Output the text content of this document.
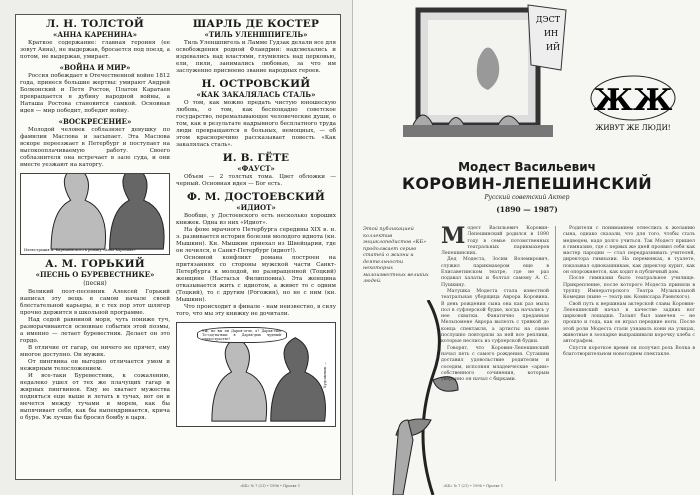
Л. Н. ТОЛСТОЙ
«АННА КАРЕНИНА»

Краткое содержание: главная героиня (ее зовут Анна), не выдержав, бросается под поезд, а потом, не выдержав, умирает.

«ВОЙНА И МИР»

Россия побеждает в Отечественной войне 1812 года, принеся большие жертвы: умирают Андрей Болконский и Петя Ростов, Платон Каратаев превращается в дубину народной войны, а Наташа Ростова становится самкой. Основная идея — мир победит, победит войну.

«ВОСКРЕСЕНИЕ»

Молодой человек соблазняет девушку по фамилии Маслова и засыпает. Эта Маслова вскоре переезжает в Петербург и поступает на высокооплачиваемую работу. Своего соблазнителя она встречает в зале суда, и они вместе уезжают на каторгу.

Иллюстрация А. Бирюшенского к роману «Анна Каренина»
А. М. ГОРЬКИЙ
«ПЕСНЬ О БУРЕВЕСТНИКЕ»
(песня)

Великий поэт-песенник Алексей Горький написал эту вещь в самом начале своей блестательной карьеры, и с тех пор этот шлягер прочно держится в школьной программе.

Над седой равниной моря, чуть пониже туч, разворачиваются основные события этой поэмы, а именно — летает буревестник. Делает он это гордо.

В отличие от гагар, он ничего не прячет, ему многое доступно. Он мужик.

От пингвина он выгодно отличается умом и нежирным телосложением.

И все-таки Буревестник, к сожалению, недалеко ушел от тех же плачущих гагар и жирных пингвинов. Ему не хватает мужества подняться еще выше и летать в тучах, вот он и мечется между тучами и морем, как бы выпячивает себя, как бы выпендривается, крича о буре. Уж лучше бы бросил бомбу в царя.

ШАРЛЬ ДЕ КОСТЕР
«ТИЛЬ УЛЕНШПИГЕЛЬ»

Тиль Уленшпигель и Ламме Гудзак делали все для освобождения родной Фландрии: надсмехались и издевались над властями, глумились над церковью, ели, пили, занимались любовью, за что им заслуженно присвоено звание народных героев.

Н. ОСТРОВСКИЙ
«КАК ЗАКАЛЯЛАСЬ СТАЛЬ»

О том, как можно предать чистую юношескую любовь, о том, как беспощадно советское государство, перемалывающее человеческие души, о том, как в результате надрывного бесплатного труда люди превращаются в больных, немощных, — об этом красноречиво рассказывает повесть «Как закалялась сталь».

И. В. ГЁТЕ
«ФАУСТ»

Объем — 2 толстых тома. Цвет обложки — черный. Основная идея — Бог есть.

Ф. М. ДОСТОЕВСКИЙ
«ИДИОТ»

Вообще, у Достоевского есть несколько хороших книжек. Одна из них «Идиот».

На фоне мрачного Петербурга середины XIX в. н. э. развивается история болезни молодого идиота (кн. Мышкин). Кн. Мышкин приехал из Швейцарии, где он лечился, в Санкт-Петербург (идиот!).

Основной конфликт романа построен на притязаниях со стороны мужской части Санкт-Петербурга к молодой, но развращенной (Тоцкий) женщине (Настасья Филипповна). Эта женщина отказывается жить с идиотом, а живет то с одним (Тоцкий), то с другим (Рогожин), но не с ним (кн. Мышкин).

Что происходит в финале - нам неизвестно, в силу того, что мы эту книжку не дочитали.

Уж, не вы ли Дарья-отче, а? Дарья-сын. То-сад-ва-ваш в Дарья-дых чудный-сладострастье!
Художник ...
«КБ» № 7 (21) • 1996 • Проект 1
ДЭСТ
ИН
ИЙ
ЖЖ
ЖИВУТ ЖЕ ЛЮДИ!
Модест Васильевич
КОРОВИН-ЛЕПЕШИНСКИЙ
Русский советский Актер
(1890 — 1987)
Этой публикацией коллектив энциклопедистов «КБ» продолжает серию статей о жизни и деятельности некоторых малоизвестных великих людей.
М одест Васильевич Коровин-Лепешинский родился в 1890 году в семье потомственных театральных парикмахеров Лепешинских.

Дед Модеста, Зосим Волемирович, служил парикмахером еще в Елисаветинском театре, где не раз подавал халаты и болтал самому А. С. Пушкину.

Матушка Модеста стала известной театральная уборщица Аврора Коровина. В день рождения сына она как раз мыла пол в суфлерской будке, когда начались у нее схватки. Фанатично преданная Мельпомене Аврора вылезть с трявкой до конца спектакля, а артисты на сцене послушно повторяли за ней все реплики, которые неслись из суфлерской будки.

Говорят, что Коровин-Лепешинский начал петь с самого рождения. Суташим доставил удовольствие родителям и соседям, исполняя младенческие «арии» собственного сочинения, которым уверенно он начал с бирками.

Родители с пониманием отнеслись к желанию сына, однако сказали, что для того, чтобы стать медведем, надо долго учиться. Так Модест пришел в гимназию, где с первых же дней проявил себя как мастер пародии — стал передразнивать учителей, директора гимназии. На переменках, в туалете, показывал однокашникам, как директор курит, как он опорожняется, как ходит в публичный дом.

После гимназии было театральное училище. Прикрепление, после которого Модеста приняли в труппу Императорского Театра Музыкальной Комедии (ныне — театр им. Комиссара Раевского).

Свой путь к вершинам актерской славы Коровин-Лепешинский начал в качестве задних ног цирковой лошадки. Талант был замечен — не прошло и года, как он играл передние ноги. После этой роли Модеста стали узнавать кони на улицах, животные в зоопарке выпрашивали корочку хлеба с автографом.

Спустя короткое время он получил роль Волка в благотворительном новогоднем спектакле.

«КБ» № 7 (21) • 1996 • Проект 1
